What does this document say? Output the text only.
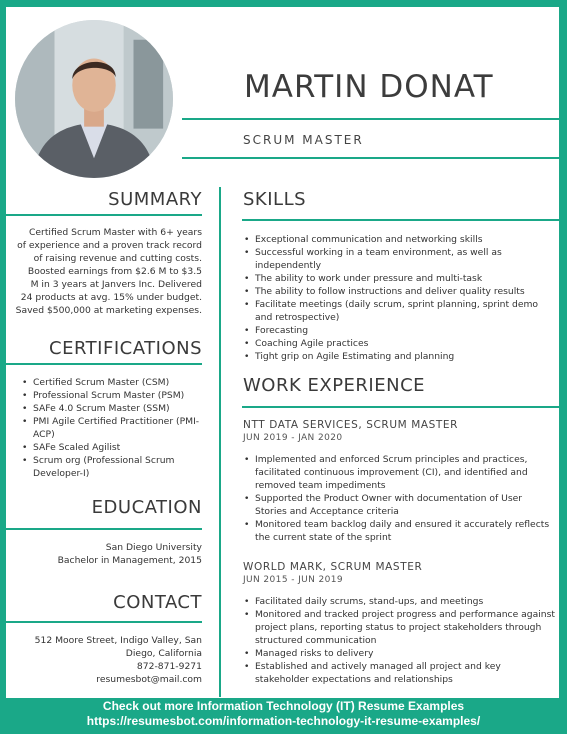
MARTIN DONAT
SCRUM MASTER
SUMMARY
Certified Scrum Master with 6+ years
of experience and a proven track record
of raising revenue and cutting costs.
Boosted earnings from $2.6 M to $3.5
M in 3 years at Janvers Inc. Delivered
24 products at avg. 15% under budget.
Saved $500,000 at marketing expenses.
CERTIFICATIONS
• Certified Scrum Master (CSM)
• Professional Scrum Master (PSM)
• SAFe 4.0 Scrum Master (SSM)
• PMI Agile Certified Practitioner (PMI-ACP)
• SAFe Scaled Agilist
• Scrum org (Professional Scrum Developer-I)
EDUCATION
San Diego University
Bachelor in Management, 2015
CONTACT
512 Moore Street, Indigo Valley, San
Diego, California
872-871-9271
resumesbot@mail.com
SKILLS
• Exceptional communication and networking skills
• Successful working in a team environment, as well as independently
• The ability to work under pressure and multi-task
• The ability to follow instructions and deliver quality results
• Facilitate meetings (daily scrum, sprint planning, sprint demo and retrospective)
• Forecasting
• Coaching Agile practices
• Tight grip on Agile Estimating and planning
WORK EXPERIENCE
NTT DATA SERVICES, SCRUM MASTER
JUN 2019 - JAN 2020
• Implemented and enforced Scrum principles and practices, facilitated continuous improvement (CI), and identified and removed team impediments
• Supported the Product Owner with documentation of User Stories and Acceptance criteria
• Monitored team backlog daily and ensured it accurately reflects the current state of the sprint
WORLD MARK, SCRUM MASTER
JUN 2015 - JUN 2019
• Facilitated daily scrums, stand-ups, and meetings
• Monitored and tracked project progress and performance against project plans, reporting status to project stakeholders through structured communication
• Managed risks to delivery
• Established and actively managed all project and key stakeholder expectations and relationships
Check out more Information Technology (IT) Resume Examples
https://resumesbot.com/information-technology-it-resume-examples/
